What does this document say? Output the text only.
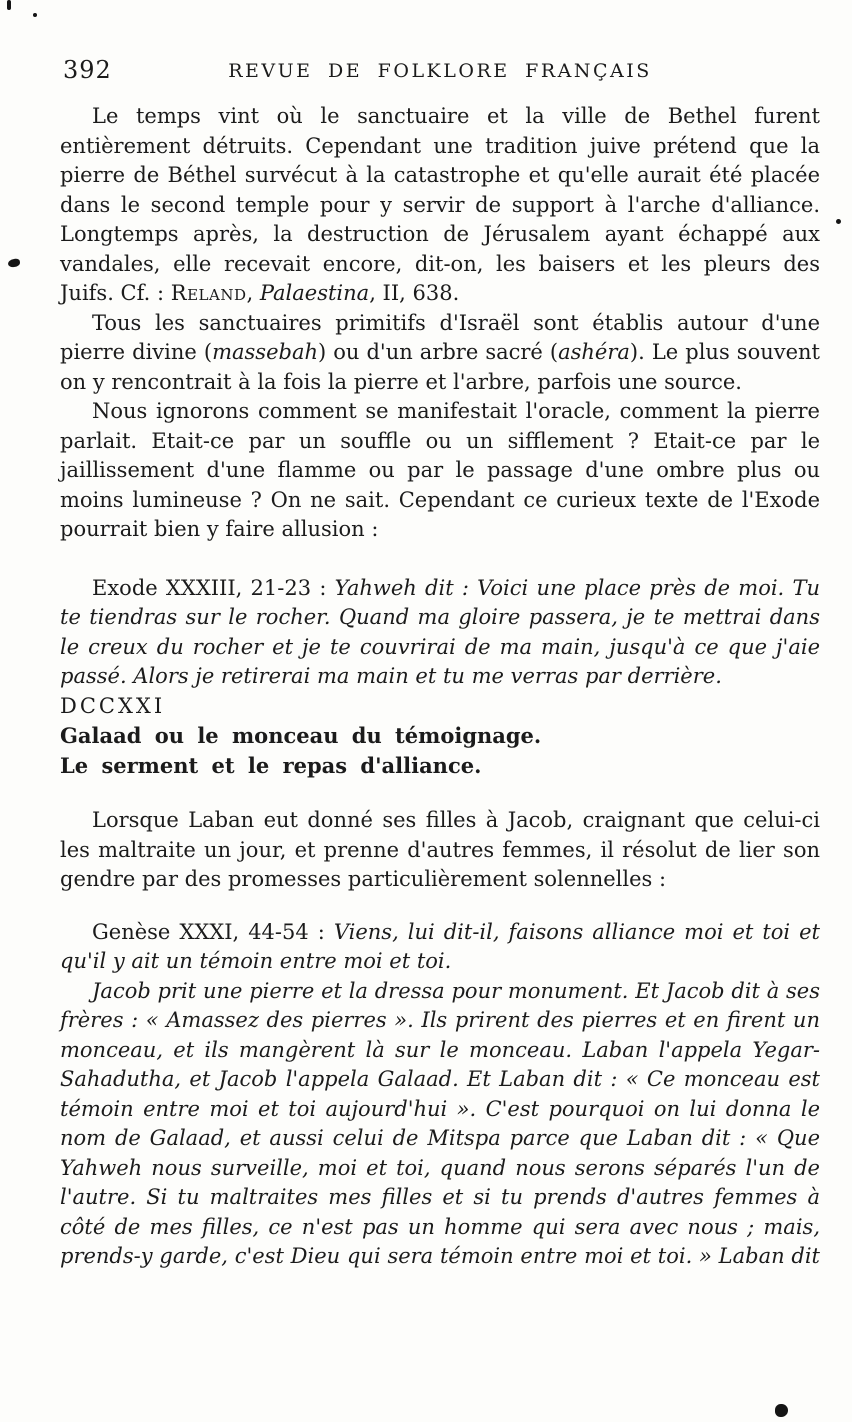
392	REVUE DE FOLKLORE FRANÇAIS

Le temps vint où le sanctuaire et la ville de Bethel furent entièrement détruits. Cependant une tradition juive prétend que la pierre de Béthel survécut à la catastrophe et qu'elle aurait été placée dans le second temple pour y servir de support à l'arche d'alliance. Longtemps après, la destruction de Jérusalem ayant échappé aux vandales, elle recevait encore, dit-on, les baisers et les pleurs des Juifs. Cf. : Reland, Palaestina, II, 638.

Tous les sanctuaires primitifs d'Israël sont établis autour d'une pierre divine (massebah) ou d'un arbre sacré (ashéra). Le plus souvent on y rencontrait à la fois la pierre et l'arbre, parfois une source.

Nous ignorons comment se manifestait l'oracle, comment la pierre parlait. Etait-ce par un souffle ou un sifflement ? Etait-ce par le jaillissement d'une flamme ou par le passage d'une ombre plus ou moins lumineuse ? On ne sait. Cependant ce curieux texte de l'Exode pourrait bien y faire allusion :

Exode XXXIII, 21-23 : Yahweh dit : Voici une place près de moi. Tu te tiendras sur le rocher. Quand ma gloire passera, je te mettrai dans le creux du rocher et je te couvrirai de ma main, jusqu'à ce que j'aie passé. Alors je retirerai ma main et tu me verras par derrière.

DCCXXI

Galaad ou le monceau du témoignage.
Le serment et le repas d'alliance.

Lorsque Laban eut donné ses filles à Jacob, craignant que celui-ci les maltraite un jour, et prenne d'autres femmes, il résolut de lier son gendre par des promesses particulièrement solennelles :

Genèse XXXI, 44-54 : Viens, lui dit-il, faisons alliance moi et toi et qu'il y ait un témoin entre moi et toi.

Jacob prit une pierre et la dressa pour monument. Et Jacob dit à ses frères : « Amassez des pierres ». Ils prirent des pierres et en firent un monceau, et ils mangèrent là sur le monceau. Laban l'appela Yegar-Sahadutha, et Jacob l'appela Galaad. Et Laban dit : « Ce monceau est témoin entre moi et toi aujourd'hui ». C'est pourquoi on lui donna le nom de Galaad, et aussi celui de Mitspa parce que Laban dit : « Que Yahweh nous surveille, moi et toi, quand nous serons séparés l'un de l'autre. Si tu maltraites mes filles et si tu prends d'autres femmes à côté de mes filles, ce n'est pas un homme qui sera avec nous ; mais, prends-y garde, c'est Dieu qui sera témoin entre moi et toi. » Laban dit
